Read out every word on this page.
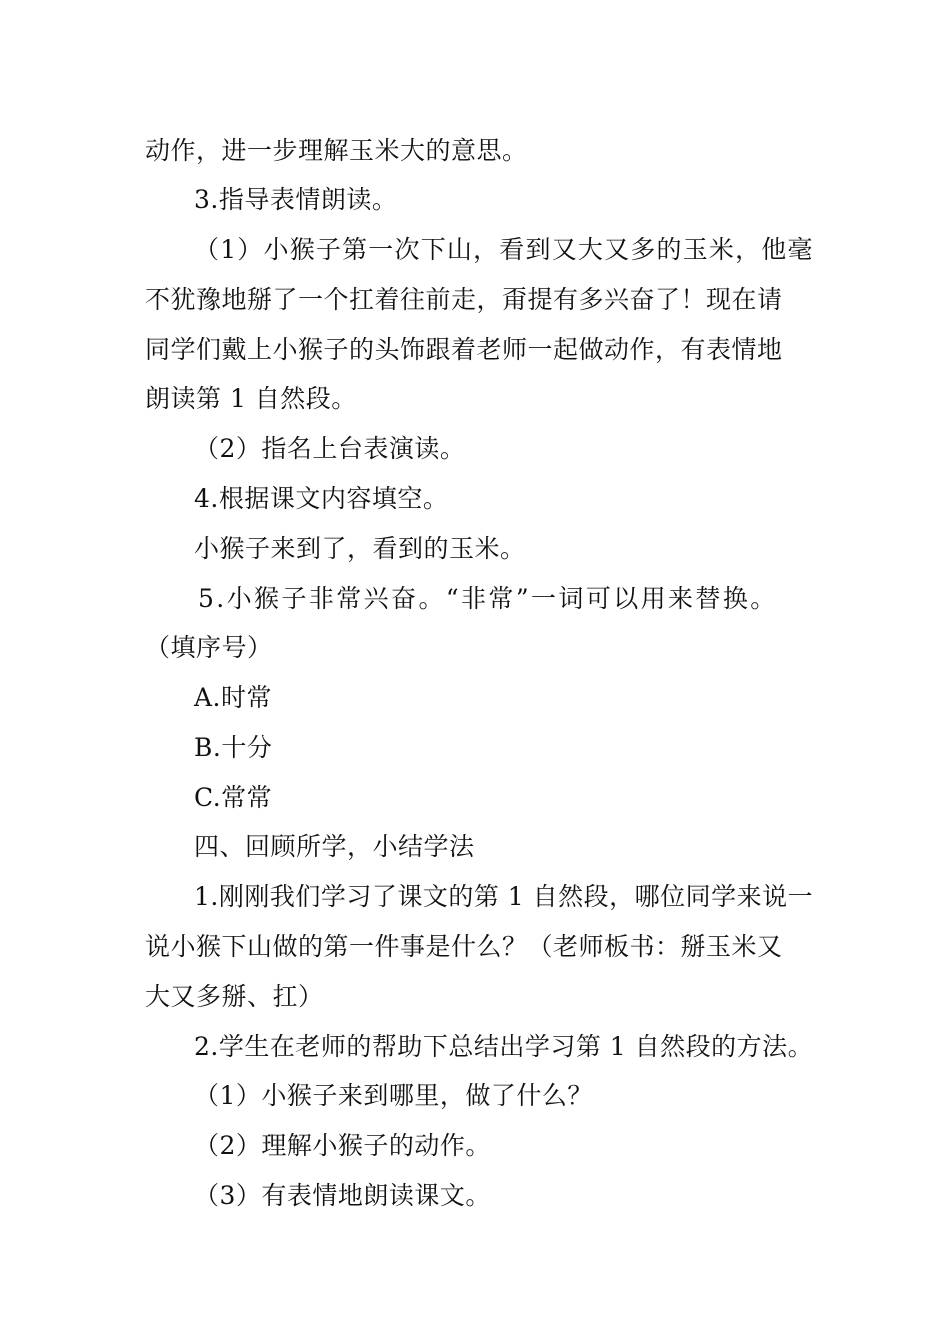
动作，进一步理解玉米大的意思。
3.指导表情朗读。
（1）小猴子第一次下山，看到又大又多的玉米，他毫
不犹豫地掰了一个扛着往前走，甭提有多兴奋了！现在请
同学们戴上小猴子的头饰跟着老师一起做动作，有表情地
朗读第 1 自然段。
（2）指名上台表演读。
4.根据课文内容填空。
小猴子来到了，看到的玉米。
5.小猴子非常兴奋。“非常”一词可以用来替换。
（填序号）
A.时常
B.十分
C.常常
四、回顾所学，小结学法
1.刚刚我们学习了课文的第 1 自然段，哪位同学来说一
说小猴下山做的第一件事是什么？（老师板书：掰玉米又
大又多掰、扛）
2.学生在老师的帮助下总结出学习第 1 自然段的方法。
（1）小猴子来到哪里，做了什么？
（2）理解小猴子的动作。
（3）有表情地朗读课文。
